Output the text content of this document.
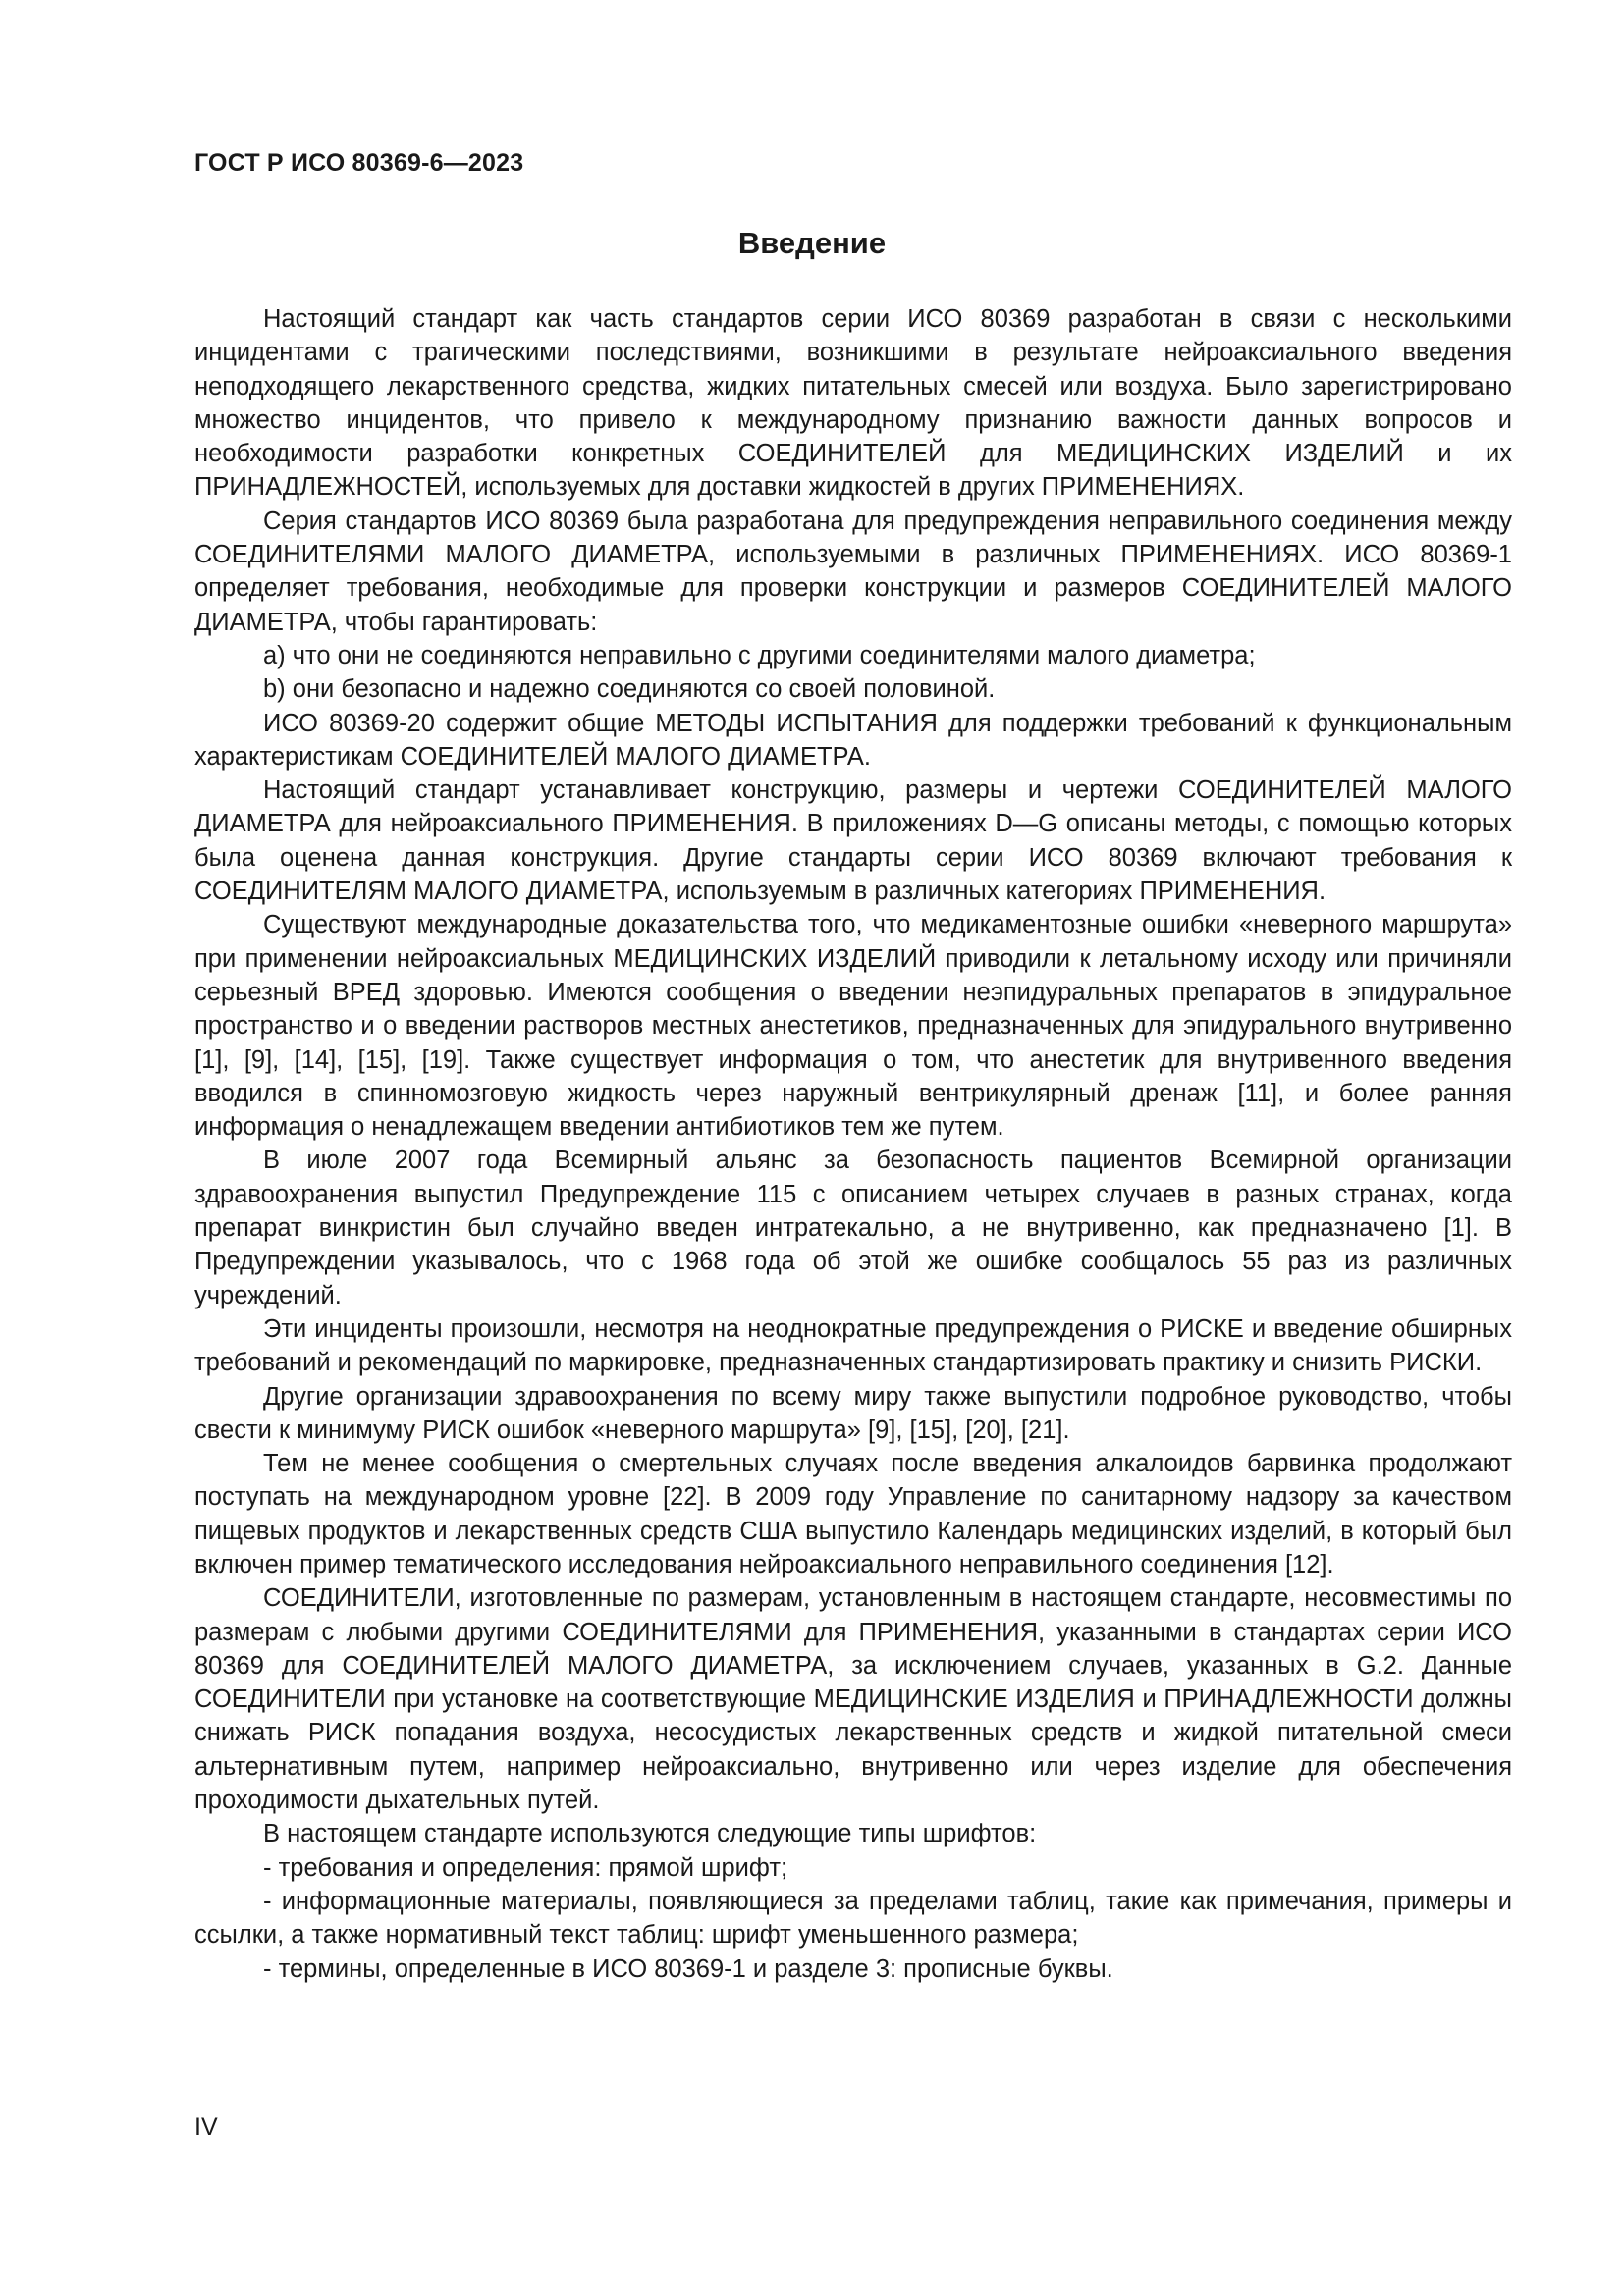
ГОСТ Р ИСО 80369-6—2023

Введение

Настоящий стандарт как часть стандартов серии ИСО 80369 разработан в связи с несколькими инцидентами с трагическими последствиями, возникшими в результате нейроаксиального введения неподходящего лекарственного средства, жидких питательных смесей или воздуха. Было зарегистрировано множество инцидентов, что привело к международному признанию важности данных вопросов и необходимости разработки конкретных СОЕДИНИТЕЛЕЙ для МЕДИЦИНСКИХ ИЗДЕЛИЙ и их ПРИНАДЛЕЖНОСТЕЙ, используемых для доставки жидкостей в других ПРИМЕНЕНИЯХ.

Серия стандартов ИСО 80369 была разработана для предупреждения неправильного соединения между СОЕДИНИТЕЛЯМИ МАЛОГО ДИАМЕТРА, используемыми в различных ПРИМЕНЕНИЯХ. ИСО 80369-1 определяет требования, необходимые для проверки конструкции и размеров СОЕДИНИТЕЛЕЙ МАЛОГО ДИАМЕТРА, чтобы гарантировать:

a) что они не соединяются неправильно с другими соединителями малого диаметра;

b) они безопасно и надежно соединяются со своей половиной.

ИСО 80369-20 содержит общие МЕТОДЫ ИСПЫТАНИЯ для поддержки требований к функциональным характеристикам СОЕДИНИТЕЛЕЙ МАЛОГО ДИАМЕТРА.

Настоящий стандарт устанавливает конструкцию, размеры и чертежи СОЕДИНИТЕЛЕЙ МАЛОГО ДИАМЕТРА для нейроаксиального ПРИМЕНЕНИЯ. В приложениях D—G описаны методы, с помощью которых была оценена данная конструкция. Другие стандарты серии ИСО 80369 включают требования к СОЕДИНИТЕЛЯМ МАЛОГО ДИАМЕТРА, используемым в различных категориях ПРИМЕНЕНИЯ.

Существуют международные доказательства того, что медикаментозные ошибки «неверного маршрута» при применении нейроаксиальных МЕДИЦИНСКИХ ИЗДЕЛИЙ приводили к летальному исходу или причиняли серьезный ВРЕД здоровью. Имеются сообщения о введении неэпидуральных препаратов в эпидуральное пространство и о введении растворов местных анестетиков, предназначенных для эпидурального внутривенно [1], [9], [14], [15], [19]. Также существует информация о том, что анестетик для внутривенного введения вводился в спинномозговую жидкость через наружный вентрикулярный дренаж [11], и более ранняя информация о ненадлежащем введении антибиотиков тем же путем.

В июле 2007 года Всемирный альянс за безопасность пациентов Всемирной организации здравоохранения выпустил Предупреждение 115 с описанием четырех случаев в разных странах, когда препарат винкристин был случайно введен интратекально, а не внутривенно, как предназначено [1]. В Предупреждении указывалось, что с 1968 года об этой же ошибке сообщалось 55 раз из различных учреждений.

Эти инциденты произошли, несмотря на неоднократные предупреждения о РИСКЕ и введение обширных требований и рекомендаций по маркировке, предназначенных стандартизировать практику и снизить РИСКИ.

Другие организации здравоохранения по всему миру также выпустили подробное руководство, чтобы свести к минимуму РИСК ошибок «неверного маршрута» [9], [15], [20], [21].

Тем не менее сообщения о смертельных случаях после введения алкалоидов барвинка продолжают поступать на международном уровне [22]. В 2009 году Управление по санитарному надзору за качеством пищевых продуктов и лекарственных средств США выпустило Календарь медицинских изделий, в который был включен пример тематического исследования нейроаксиального неправильного соединения [12].

СОЕДИНИТЕЛИ, изготовленные по размерам, установленным в настоящем стандарте, несовместимы по размерам с любыми другими СОЕДИНИТЕЛЯМИ для ПРИМЕНЕНИЯ, указанными в стандартах серии ИСО 80369 для СОЕДИНИТЕЛЕЙ МАЛОГО ДИАМЕТРА, за исключением случаев, указанных в G.2. Данные СОЕДИНИТЕЛИ при установке на соответствующие МЕДИЦИНСКИЕ ИЗДЕЛИЯ и ПРИНАДЛЕЖНОСТИ должны снижать РИСК попадания воздуха, несосудистых лекарственных средств и жидкой питательной смеси альтернативным путем, например нейроаксиально, внутривенно или через изделие для обеспечения проходимости дыхательных путей.

В настоящем стандарте используются следующие типы шрифтов:

- требования и определения: прямой шрифт;

- информационные материалы, появляющиеся за пределами таблиц, такие как примечания, примеры и ссылки, а также нормативный текст таблиц: шрифт уменьшенного размера;

- термины, определенные в ИСО 80369-1 и разделе 3: прописные буквы.

IV
